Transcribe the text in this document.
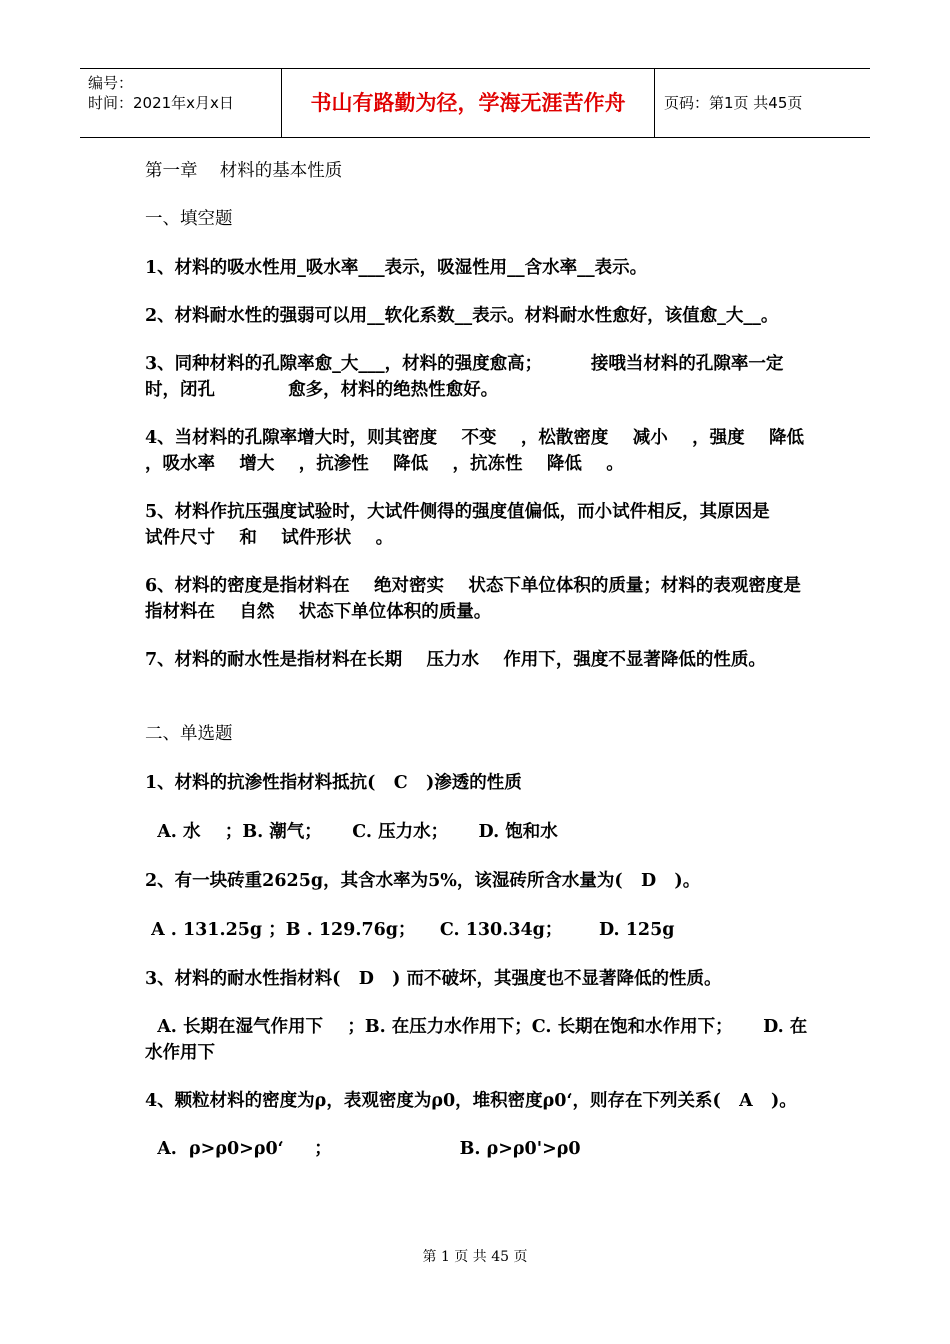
编号：
时间：2021年x月x日	书山有路勤为径，学海无涯苦作舟	页码：第1页 共45页

第一章    材料的基本性质

一、填空题

1、材料的吸水性用_吸水率___表示，吸湿性用__含水率__表示。

2、材料耐水性的强弱可以用__软化系数__表示。材料耐水性愈好，该值愈_大__。

3、同种材料的孔隙率愈_大___，材料的强度愈高；        接哦当材料的孔隙率一定时，闭孔            愈多，材料的绝热性愈好。

4、当材料的孔隙率增大时，则其密度    不变    ，松散密度    减小    ，强度    降低    ，吸水率    增大    ，抗渗性    降低    ，抗冻性    降低    。

5、材料作抗压强度试验时，大试件侧得的强度值偏低，而小试件相反，其原因是    试件尺寸    和    试件形状    。

6、材料的密度是指材料在    绝对密实    状态下单位体积的质量；材料的表观密度是指材料在    自然    状态下单位体积的质量。

7、材料的耐水性是指材料在长期    压力水    作用下，强度不显著降低的性质。

二、单选题

1、材料的抗渗性指材料抵抗(   C   )渗透的性质

A. 水    ；B. 潮气；     C. 压力水；     D. 饱和水

2、有一块砖重2625g，其含水率为5%，该湿砖所含水量为(   D   )。

A . 131.25g ；B . 129.76g；    C. 130.34g；      D. 125g

3、材料的耐水性指材料(   D   ) 而不破坏，其强度也不显著降低的性质。

A. 长期在湿气作用下    ；B. 在压力水作用下；C. 长期在饱和水作用下；     D. 在水作用下

4、颗粒材料的密度为ρ，表观密度为ρ0，堆积密度ρ0‘，则存在下列关系(   A   )。

A.  ρ>ρ0>ρ0‘     ；                     B. ρ>ρ0'>ρ0

第 1 页 共 45 页
